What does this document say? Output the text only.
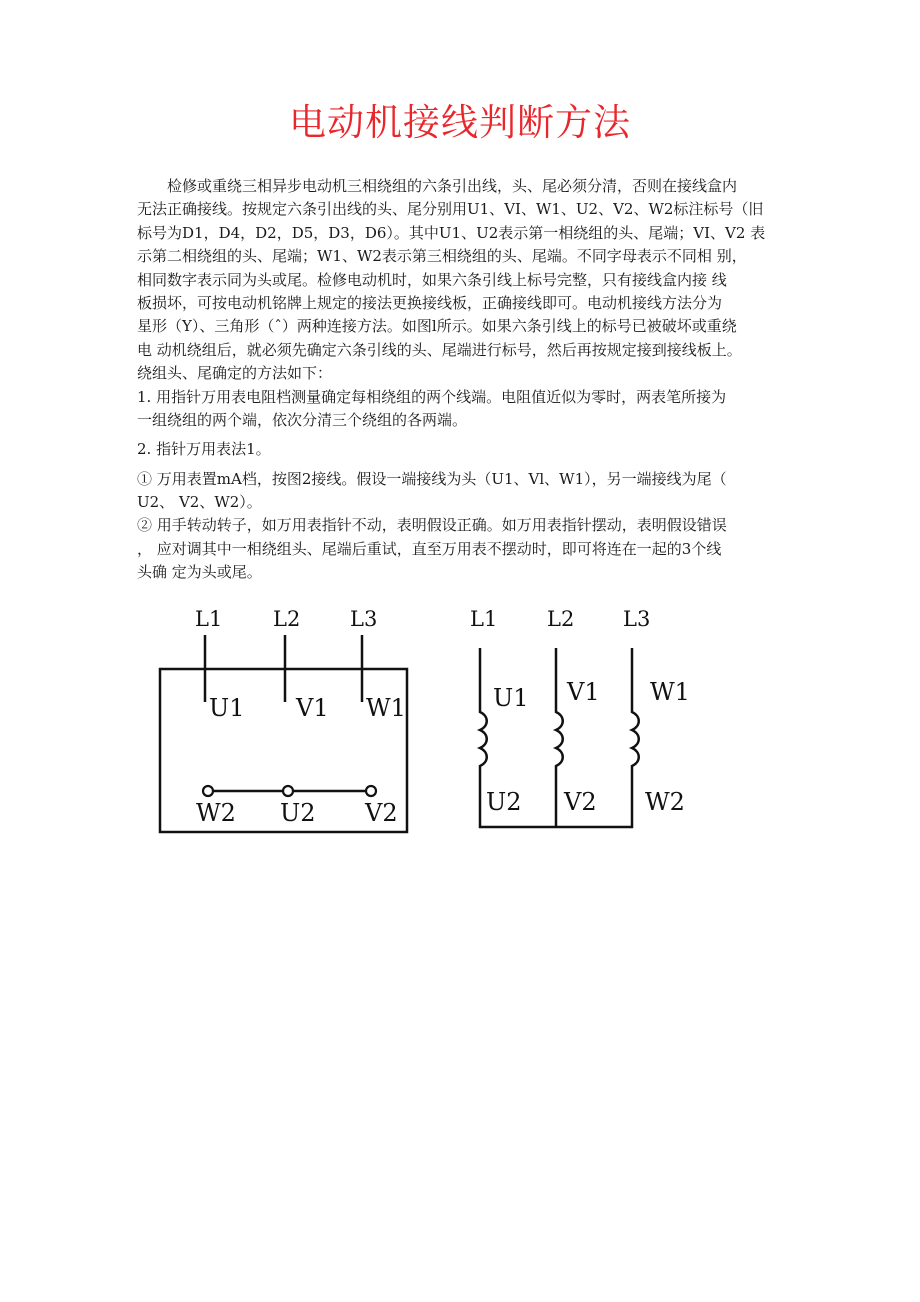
电动机接线判断方法
　　检修或重绕三相异步电动机三相绕组的六条引出线，头、尾必须分清，否则在接线盒内
无法正确接线。按规定六条引出线的头、尾分别用U1、VI、W1、U2、V2、W2标注标号（旧
标号为D1，D4，D2，D5，D3，D6）。其中U1、U2表示第一相绕组的头、尾端；VI、V2 表
示第二相绕组的头、尾端；W1、W2表示第三相绕组的头、尾端。不同字母表示不同相 别，
相同数字表示同为头或尾。检修电动机时，如果六条引线上标号完整，只有接线盒内接 线
板损坏，可按电动机铭牌上规定的接法更换接线板，正确接线即可。电动机接线方法分为
星形（Y）、三角形（ˆ）两种连接方法。如图l所示。如果六条引线上的标号已被破坏或重绕
电 动机绕组后，就必须先确定六条引线的头、尾端进行标号，然后再按规定接到接线板上。
绕组头、尾确定的方法如下：
1. 用指针万用表电阻档测量确定每相绕组的两个线端。电阻值近似为零时，两表笔所接为
一组绕组的两个端，依次分清三个绕组的各两端。
2. 指针万用表法1。
① 万用表置mA档，按图2接线。假设一端接线为头（U1、Vl、W1），另一端接线为尾（
U2、 V2、W2）。
② 用手转动转子，如万用表指针不动，表明假设正确。如万用表指针摆动，表明假设错误
， 应对调其中一相绕组头、尾端后重试，直至万用表不摆动时，即可将连在一起的3个线
头确 定为头或尾。
L1 L2 L3
U1 V1 W1
W2 U2 V2
L1 L2 L3
U1 V1 W1
U2 V2 W2
